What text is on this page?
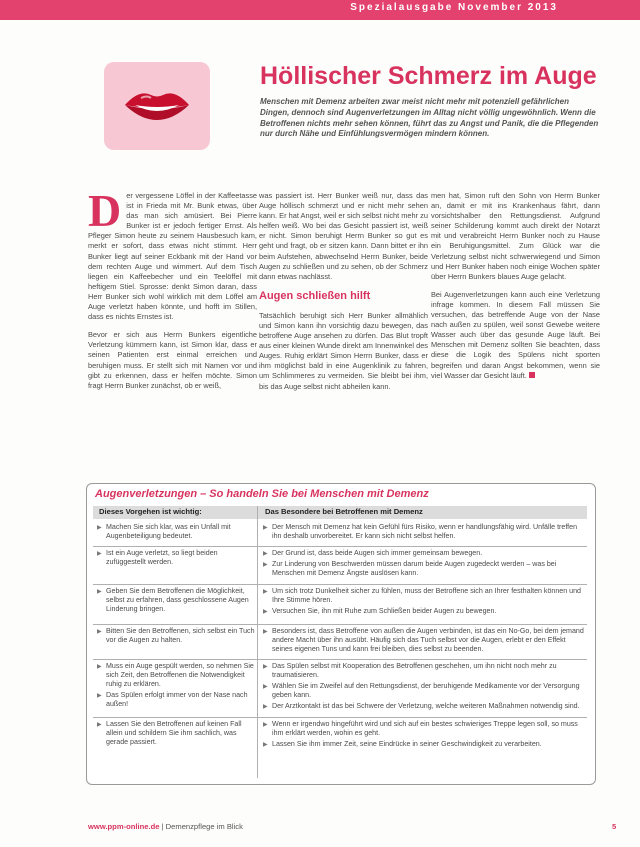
Spezialausgabe November 2013
Höllischer Schmerz im Auge
Menschen mit Demenz arbeiten zwar meist nicht mehr mit potenziell gefährlichen Dingen, dennoch sind Augenverletzungen im Alltag nicht völlig ungewöhnlich. Wenn die Betroffenen nichts mehr sehen können, führt das zu Angst und Panik, die die Pflegenden nur durch Nähe und Einfühlungsvermögen mindern können.

Der vergessene Löffel in der Kaffeetasse ist in Frieda mit Mr. Bunk etwas, über das man sich amüsiert. Bei Pierre Bunker ist er jedoch fertiger Ernst. Als Pfleger Simon heute zu seinem Hausbesuch kam, merkt er sofort, dass etwas nicht stimmt. Herr Bunker liegt auf seiner Eckbank mit der Hand vor dem rechten Auge und wimmert. Auf dem Tisch liegen ein Kaffeebecher und ein Teelöffel mit heftigem Stiel. Sprosse: denkt Simon daran, dass Herr Bunker sich wohl wirklich mit dem Löffel am Auge verletzt haben könnte, und hofft im Stillen, dass es nichts Ernstes ist.

Bevor er sich aus Herrn Bunkers eigentliche Verletzung kümmern kann, ist Simon klar, dass er seinen Patienten erst einmal erreichen und beruhigen muss. Er stellt sich mit Namen vor und gibt zu erkennen, dass er helfen möchte. Simon fragt Herrn Bunker zunächst, ob er weiß,

was passiert ist. Herr Bunker weiß nur, dass das Auge höllisch schmerzt und er nicht mehr sehen kann. Er hat Angst, weil er sich selbst nicht mehr zu helfen weiß. Wo bei das Gesicht passiert ist, weiß er nicht. Simon beruhigt Herrn Bunker so gut es geht und fragt, ob er sitzen kann. Dann bittet er ihn beim Aufstehen, abwechselnd Herrn Bunker, beide Augen zu schließen und zu sehen, ob der Schmerz dann etwas nachlässt.

Augen schließen hilft

Tatsächlich beruhigt sich Herr Bunker allmählich und Simon kann ihn vorsichtig dazu bewegen, das betroffene Auge ansehen zu dürfen. Das Blut tropft aus einer kleinen Wunde direkt am Innenwinkel des Auges. Ruhig erklärt Simon Herrn Bunker, dass er ihm möglichst bald in eine Augenklinik zu fahren, um Schlimmeres zu vermeiden. Sie bleibt bei ihm, bis das Auge selbst nicht abheilen kann.

men hat, Simon ruft den Sohn von Herrn Bunker an, damit er mit ins Krankenhaus fährt, dann vorsichtshalber den Rettungsdienst. Aufgrund seiner Schilderung kommt auch direkt der Notarzt mit und verabreicht Herrn Bunker noch zu Hause ein Beruhigungsmittel. Zum Glück war die Verletzung selbst nicht schwerwiegend und Simon und Herr Bunker haben noch einige Wochen später über Herrn Bunkers blaues Auge gelacht.

Bei Augenverletzungen kann auch eine Verletzung infrage kommen. In diesem Fall müssen Sie versuchen, das betreffende Auge von der Nase nach außen zu spülen, weil sonst Gewebe weitere Wasser auch über das gesunde Auge läuft. Bei Menschen mit Demenz sollten Sie beachten, dass diese die Logik des Spülens nicht sporten begreifen und daran Angst bekommen, wenn sie viel Wasser dar Gesicht läuft.

Augenverletzungen – So handeln Sie bei Menschen mit Demenz
Dieses Vorgehen ist wichtig:	Das Besondere bei Betroffenen mit Demenz
▶ Machen Sie sich klar, was ein Unfall mit Augenbeteiligung bedeutet.
▶ Der Mensch mit Demenz hat kein Gefühl fürs Risiko, wenn er handlungsfähig wird. Unfälle treffen ihn deshalb unvorbereitet. Er kann sich nicht selbst helfen.
▶ Ist ein Auge verletzt, so liegt beiden zufüggestellt werden.
▶ Der Grund ist, dass beide Augen sich immer gemeinsam bewegen.
▶ Zur Linderung von Beschwerden müssen darum beide Augen zugedeckt werden – was bei Menschen mit Demenz Ängste auslösen kann.
▶ Geben Sie dem Betroffenen die Möglichkeit, selbst zu erfahren, dass geschlossene Augen Linderung bringen.
▶ Um sich trotz Dunkelheit sicher zu fühlen, muss der Betroffene sich an Ihrer festhalten können und Ihre Stimme hören.
▶ Versuchen Sie, ihn mit Ruhe zum Schließen beider Augen zu bewegen.
▶ Bitten Sie den Betroffenen, sich selbst ein Tuch vor die Augen zu halten.
▶ Besonders ist, dass Betroffene von außen die Augen verbinden, ist das ein No-Go, bei dem jemand andere Macht über ihn ausübt. Häufig sich das Tuch selbst vor die Augen, erlebt er den Effekt seines eigenen Tuns und kann frei bleiben, dies selbst zu beenden.
▶ Muss ein Auge gespült werden, so nehmen Sie sich Zeit, den Betroffenen die Notwendigkeit ruhig zu erklären.
▶ Das Spülen erfolgt immer von der Nase nach außen!
▶ Das Spülen selbst mit Kooperation des Betroffenen geschehen, um ihn nicht noch mehr zu traumatisieren.
▶ Wählen Sie im Zweifel auf den Rettungsdienst, der beruhigende Medikamente vor der Versorgung geben kann.
▶ Der Arztkontakt ist das bei Schwere der Verletzung, welche weiteren Maßnahmen notwendig sind.
▶ Lassen Sie den Betroffenen auf keinen Fall allein und schildern Sie ihm sachlich, was gerade passiert.
▶ Wenn er irgendwo hingeführt wird und sich auf ein bestes schwieriges Treppe legen soll, so muss ihm erklärt werden, wohin es geht.
▶ Lassen Sie ihm immer Zeit, seine Eindrücke in seiner Geschwindigkeit zu verarbeiten.
www.ppm-online.de | Demenzpflege im Blick	5
